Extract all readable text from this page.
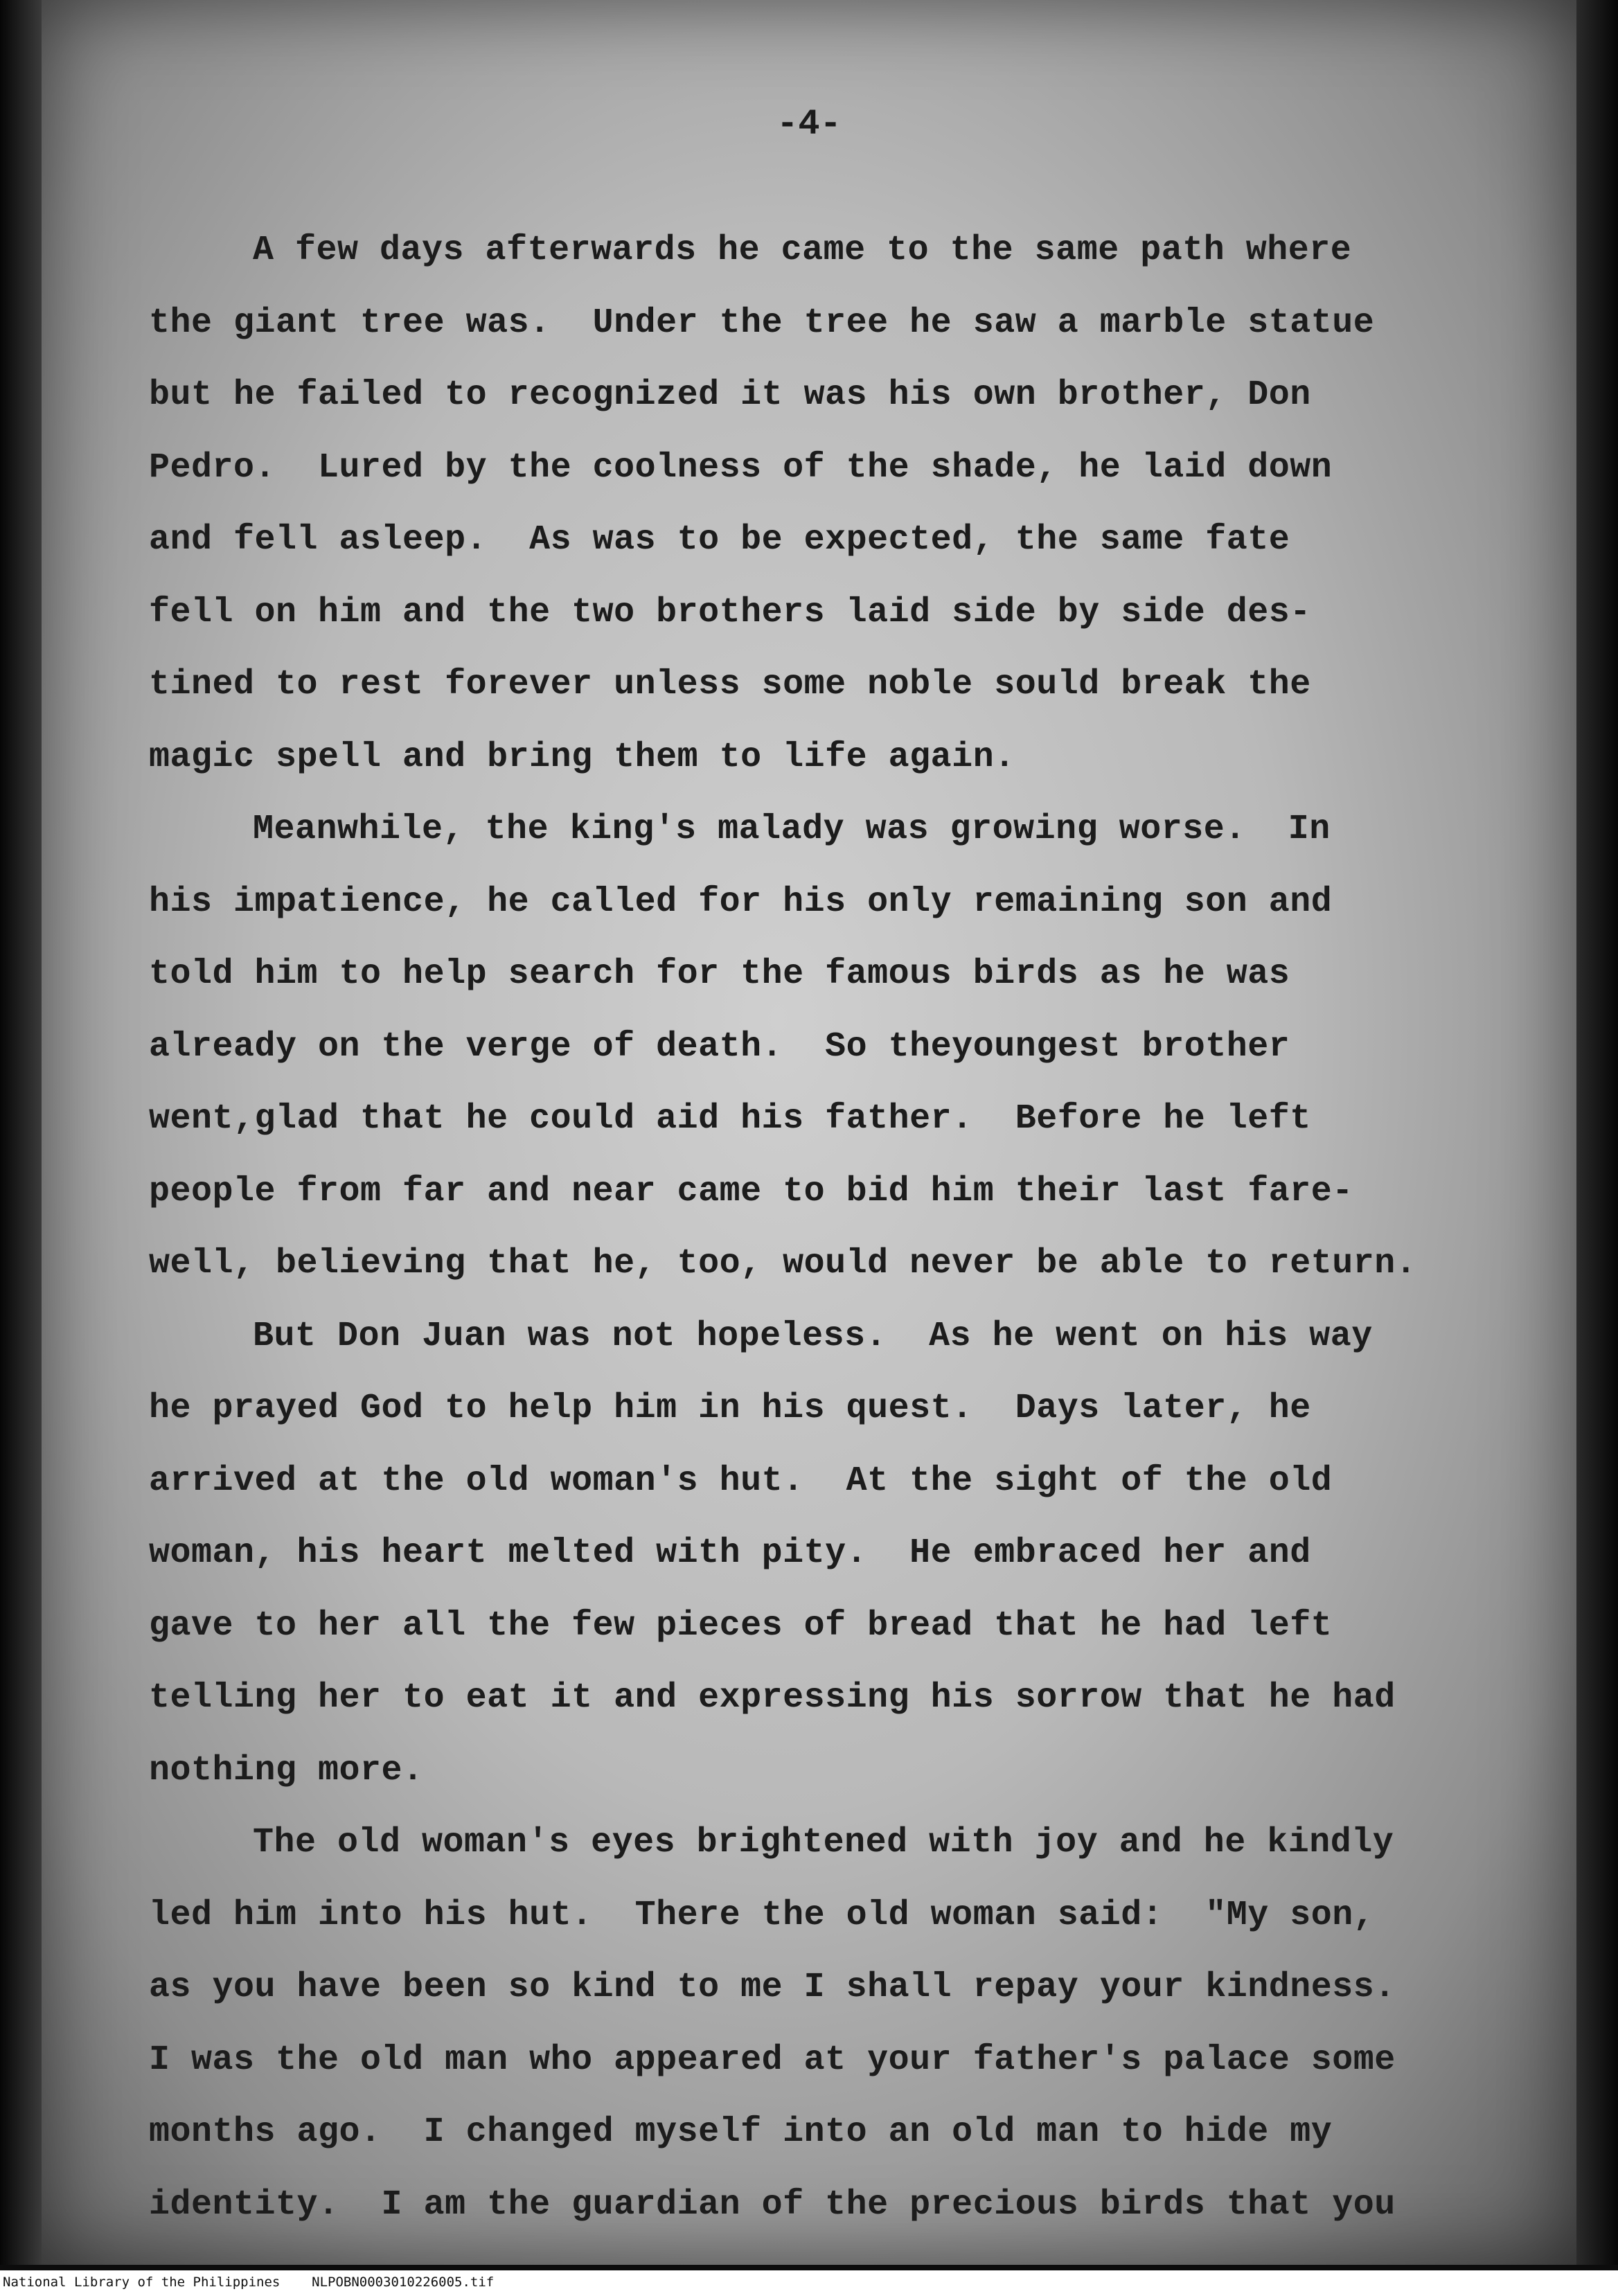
-4-
A few days afterwards he came to the same path where
the giant tree was.  Under the tree he saw a marble statue
but he failed to recognized it was his own brother, Don
Pedro.  Lured by the coolness of the shade, he laid down
and fell asleep.  As was to be expected, the same fate
fell on him and the two brothers laid side by side des-
tined to rest forever unless some noble sould break the
magic spell and bring them to life again.
Meanwhile, the king's malady was growing worse.  In
his impatience, he called for his only remaining son and
told him to help search for the famous birds as he was
already on the verge of death.  So theyoungest brother
went,glad that he could aid his father.  Before he left
people from far and near came to bid him their last fare-
well, believing that he, too, would never be able to return.
But Don Juan was not hopeless.  As he went on his way
he prayed God to help him in his quest.  Days later, he
arrived at the old woman's hut.  At the sight of the old
woman, his heart melted with pity.  He embraced her and
gave to her all the few pieces of bread that he had left
telling her to eat it and expressing his sorrow that he had
nothing more.
The old woman's eyes brightened with joy and he kindly
led him into his hut.  There the old woman said:  "My son,
as you have been so kind to me I shall repay your kindness.
I was the old man who appeared at your father's palace some
months ago.  I changed myself into an old man to hide my
identity.  I am the guardian of the precious birds that you
National Library of the Philippines NLPOBN0003010226005.tif
